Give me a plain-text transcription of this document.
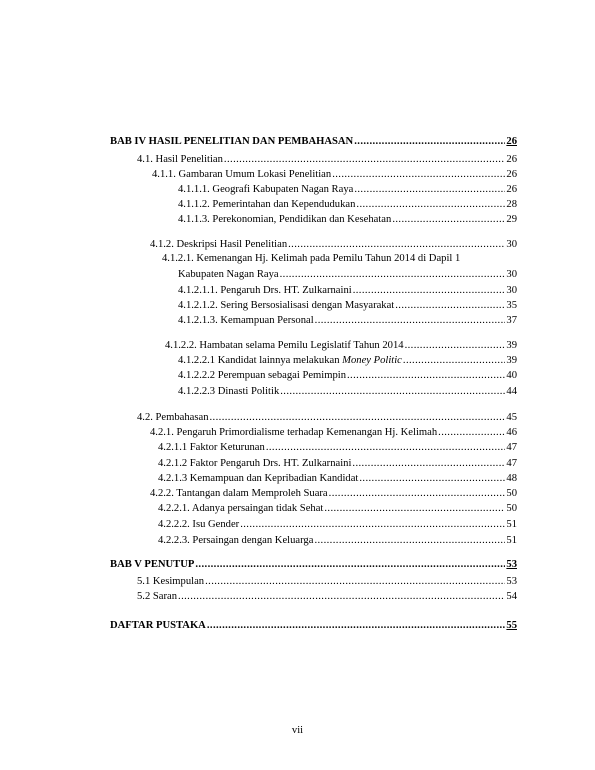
BAB IV HASIL PENELITIAN DAN PEMBAHASAN .....	26
4.1. Hasil Penelitian .....	26
4.1.1. Gambaran Umum Lokasi Penelitian .....	26
4.1.1.1. Geografi Kabupaten Nagan Raya .....	26
4.1.1.2. Pemerintahan dan Kependudukan .....	28
4.1.1.3. Perekonomian, Pendidikan dan Kesehatan .....	29
4.1.2. Deskripsi Hasil Penelitian .....	30
4.1.2.1. Kemenangan Hj. Kelimah pada Pemilu Tahun 2014 di Dapil 1
Kabupaten Nagan Raya .....	30
4.1.2.1.1. Pengaruh Drs. HT. Zulkarnaini .....	30
4.1.2.1.2. Sering Bersosialisasi dengan Masyarakat .....	35
4.1.2.1.3. Kemampuan Personal .....	37
4.1.2.2. Hambatan selama Pemilu Legislatif Tahun 2014 .....	39
4.1.2.2.1 Kandidat lainnya melakukan Money Politic .....	39
4.1.2.2.2 Perempuan sebagai Pemimpin .....	40
4.1.2.2.3 Dinasti Politik .....	44
4.2. Pembahasan .....	45
4.2.1. Pengaruh Primordialisme terhadap Kemenangan Hj. Kelimah .....	46
4.2.1.1 Faktor Keturunan .....	47
4.2.1.2 Faktor Pengaruh Drs. HT. Zulkarnaini .....	47
4.2.1.3 Kemampuan dan Kepribadian Kandidat .....	48
4.2.2. Tantangan dalam Memproleh Suara .....	50
4.2.2.1. Adanya persaingan tidak Sehat .....	50
4.2.2.2. Isu Gender .....	51
4.2.2.3. Persaingan dengan Keluarga .....	51
BAB V PENUTUP .....	53
5.1 Kesimpulan .....	53
5.2 Saran .....	54
DAFTAR PUSTAKA .....	55
vii
